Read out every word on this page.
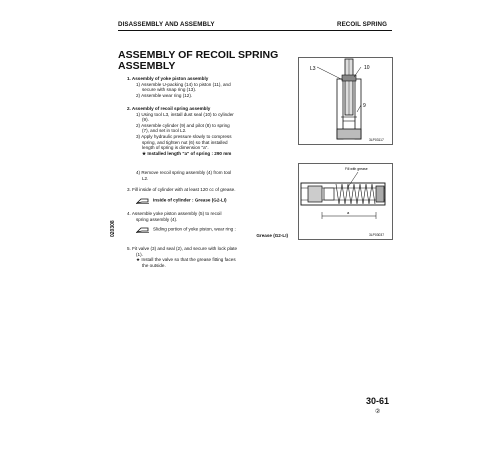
DISASSEMBLY AND ASSEMBLY	RECOIL SPRING
ASSEMBLY OF RECOIL SPRING ASSEMBLY
1. Assembly of yoke piston assembly
1) Assemble U-packing (14) to piston (11), and
secure with snap ring (13).
2) Assemble wear ring (12).
2. Assembly of recoil spring assembly
1) Using tool L3, install dust seal (10) to cylinder
(9).
2) Assemble cylinder (9) and pilot (8) to spring
(7), and set in tool L2.
3) Apply hydraulic pressure slowly to compress
spring, and tighten nut (6) so that installed
length of spring is dimension "a".
★ Installed length "a" of spring : 290 mm
4) Remove recoil spring assembly (4) from tool
L2.
3. Fill inside of cylinder with at least 120 cc of grease.
Inside of cylinder : Grease (G2-LI)
4. Assemble yoke piston assembly (5) to recoil
spring assembly (4).
Sliding portion of yoke piston, wear ring :
Grease (G2-LI)
5. Fit valve (3) and seal (2), and secure with lock plate
(1).
★ Install the valve so that the grease fitting faces
the outside.
L3	10
9
3LP03117
Fill with grease
a
3LP03037
020308
30-61
②
